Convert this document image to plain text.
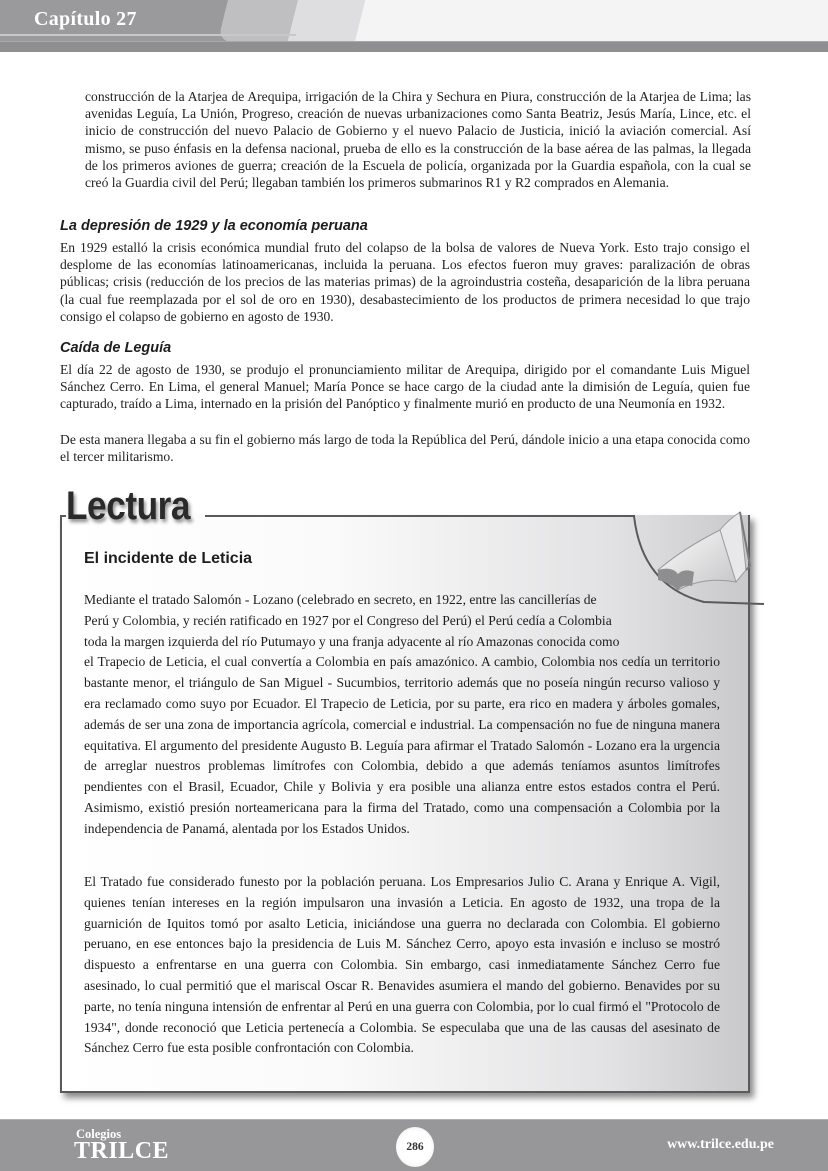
Capítulo 27

construcción de la Atarjea de Arequipa, irrigación de la Chira y Sechura en Piura, construcción de la Atarjea de Lima; las avenidas Leguía, La Unión, Progreso, creación de nuevas urbanizaciones como Santa Beatriz, Jesús María, Lince, etc. el inicio de construcción del nuevo Palacio de Gobierno y el nuevo Palacio de Justicia, inició la aviación comercial. Así mismo, se puso énfasis en la defensa nacional, prueba de ello es la construcción de la base aérea de las palmas, la llegada de los primeros aviones de guerra; creación de la Escuela de policía, organizada por la Guardia española, con la cual se creó la Guardia civil del Perú; llegaban también los primeros submarinos R1 y R2 comprados en Alemania.

La depresión de 1929 y la economía peruana

En 1929 estalló la crisis económica mundial fruto del colapso de la bolsa de valores de Nueva York. Esto trajo consigo el desplome de las economías latinoamericanas, incluida la peruana. Los efectos fueron muy graves: paralización de obras públicas; crisis (reducción de los precios de las materias primas) de la agroindustria costeña, desaparición de la libra peruana (la cual fue reemplazada por el sol de oro en 1930), desabastecimiento de los productos de primera necesidad lo que trajo consigo el colapso de gobierno en agosto de 1930.

Caída de Leguía

El día 22 de agosto de 1930, se produjo el pronunciamiento militar de Arequipa, dirigido por el comandante Luis Miguel Sánchez Cerro. En Lima, el general Manuel; María Ponce se hace cargo de la ciudad ante la dimisión de Leguía, quien fue capturado, traído a Lima, internado en la prisión del Panóptico y finalmente murió en producto de una Neumonía en 1932.

De esta manera llegaba a su fin el gobierno más largo de toda la República del Perú, dándole inicio a una etapa conocida como el tercer militarismo.

Lectura
El incidente de Leticia
Mediante el tratado Salomón - Lozano (celebrado en secreto, en 1922, entre las cancillerías de
Perú y Colombia, y recién ratificado en 1927 por el Congreso del Perú) el Perú cedía a Colombia
toda la margen izquierda del río Putumayo y una franja adyacente al río Amazonas conocida como
el Trapecio de Leticia, el cual convertía a Colombia en país amazónico. A cambio, Colombia nos cedía un territorio bastante menor, el triángulo de San Miguel - Sucumbios, territorio además que no poseía ningún recurso valioso y era reclamado como suyo por Ecuador. El Trapecio de Leticia, por su parte, era rico en madera y árboles gomales, además de ser una zona de importancia agrícola, comercial e industrial. La compensación no fue de ninguna manera equitativa. El argumento del presidente Augusto B. Leguía para afirmar el Tratado Salomón - Lozano era la urgencia de arreglar nuestros problemas limítrofes con Colombia, debido a que además teníamos asuntos limítrofes pendientes con el Brasil, Ecuador, Chile y Bolivia y era posible una alianza entre estos estados contra el Perú. Asimismo, existió presión norteamericana para la firma del Tratado, como una compensación a Colombia por la independencia de Panamá, alentada por los Estados Unidos.

El Tratado fue considerado funesto por la población peruana. Los Empresarios Julio C. Arana y Enrique A. Vigil, quienes tenían intereses en la región impulsaron una invasión a Leticia. En agosto de 1932, una tropa de la guarnición de Iquitos tomó por asalto Leticia, iniciándose una guerra no declarada con Colombia. El gobierno peruano, en ese entonces bajo la presidencia de Luis M. Sánchez Cerro, apoyo esta invasión e incluso se mostró dispuesto a enfrentarse en una guerra con Colombia. Sin embargo, casi inmediatamente Sánchez Cerro fue asesinado, lo cual permitió que el mariscal Oscar R. Benavides asumiera el mando del gobierno. Benavides por su parte, no tenía ninguna intensión de enfrentar al Perú en una guerra con Colombia, por lo cual firmó el "Protocolo de 1934", donde reconoció que Leticia pertenecía a Colombia. Se especulaba que una de las causas del asesinato de Sánchez Cerro fue esta posible confrontación con Colombia.

Colegios
TRILCE	286	www.trilce.edu.pe
